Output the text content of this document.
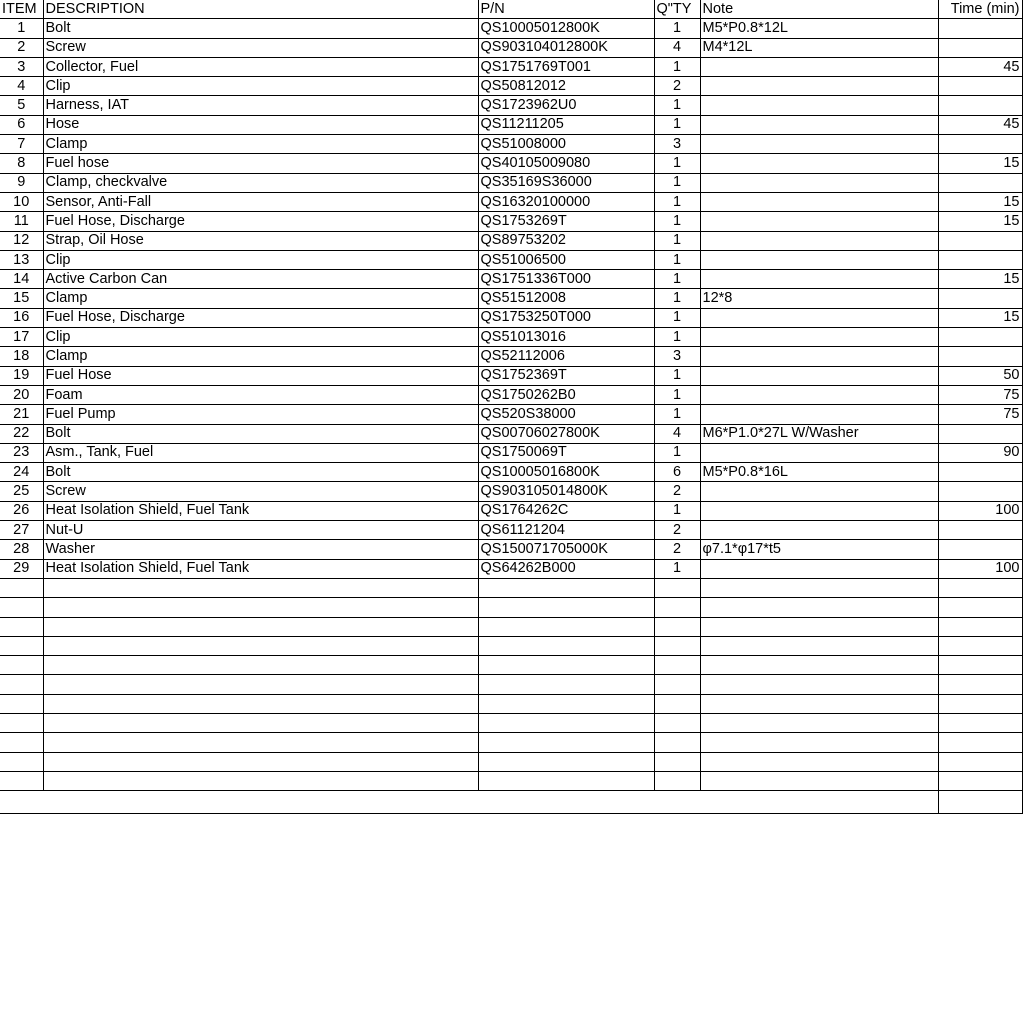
ITEM	DESCRIPTION	P/N	Q"TY	Note	Time (min)
1	Bolt	QS10005012800K	1	M5*P0.8*12L	
2	Screw	QS903104012800K	4	M4*12L	
3	Collector, Fuel	QS1751769T001	1		45
4	Clip	QS50812012	2		
5	Harness, IAT	QS1723962U0	1		
6	Hose	QS11211205	1		45
7	Clamp	QS51008000	3		
8	Fuel hose	QS40105009080	1		15
9	Clamp, checkvalve	QS35169S36000	1		
10	Sensor, Anti-Fall	QS16320100000	1		15
11	Fuel Hose, Discharge	QS1753269T	1		15
12	Strap, Oil Hose	QS89753202	1		
13	Clip	QS51006500	1		
14	Active Carbon Can	QS1751336T000	1		15
15	Clamp	QS51512008	1	12*8	
16	Fuel Hose, Discharge	QS1753250T000	1		15
17	Clip	QS51013016	1		
18	Clamp	QS52112006	3		
19	Fuel Hose	QS1752369T	1		50
20	Foam	QS1750262B0	1		75
21	Fuel Pump	QS520S38000	1		75
22	Bolt	QS00706027800K	4	M6*P1.0*27L W/Washer	
23	Asm., Tank, Fuel	QS1750069T	1		90
24	Bolt	QS10005016800K	6	M5*P0.8*16L	
25	Screw	QS903105014800K	2		
26	Heat Isolation Shield, Fuel Tank	QS1764262C	1		100
27	Nut-U	QS61121204	2		
28	Washer	QS150071705000K	2	φ7.1*φ17*t5	
29	Heat Isolation Shield, Fuel Tank	QS64262B000	1		100
